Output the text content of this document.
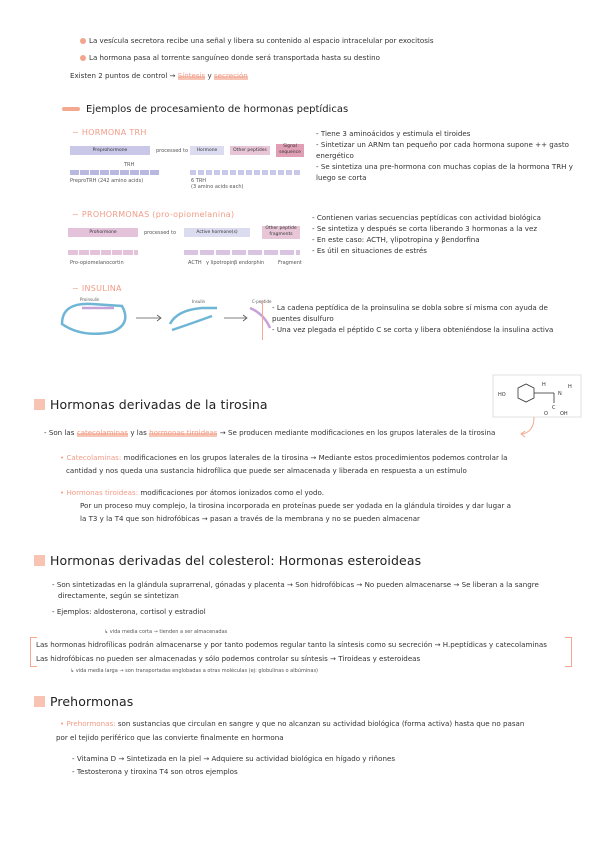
La vesícula secretora recibe una señal y libera su contenido al espacio intracelular por exocitosis
La hormona pasa al torrente sanguíneo donde será transportada hasta su destino
Existen 2 puntos de control → Síntesis y secreción
Ejemplos de procesamiento de hormonas peptídicas
∼ HORMONA TRH
Preprohormone	processed to	Hormone	Other peptides
Signal sequence
TRH
PreproTRH (242 amino acids)	6 TRH
(3 amino acids each)
- Tiene 3 aminoácidos y estimula el tiroides
- Sintetizar un ARNm tan pequeño por cada hormona supone ++ gasto energético
- Se sintetiza una pre-hormona con muchas copias de la hormona TRH y luego se corta
∼ PROHORMONAS (pro-opiomelanina)
Prohormone	processed to	Active hormone(s)
Other peptide fragments
Pro-opiomelanocortin	ACTH γ lipotropin β endorphin	Fragment
- Contienen varias secuencias peptídicas con actividad biológica
- Se sintetiza y después se corta liberando 3 hormonas a la vez
- En este caso: ACTH, γlipotropina y βendorfina
- Es útil en situaciones de estrés
∼ INSULINA
Proinsulin	Insulin	C-peptide
- La cadena peptídica de la proinsulina se dobla sobre sí misma con ayuda de puentes disulfuro
- Una vez plegada el péptido C se corta y libera obteniéndose la insulina activa
Hormonas derivadas de la tirosina
HO
H
N
H
C
O OH
- Son las catecolaminas y las hormonas tiroideas → Se producen mediante modificaciones en los grupos laterales de la tirosina
• Catecolaminas: modificaciones en los grupos laterales de la tirosina → Mediante estos procedimientos podemos controlar la
cantidad y nos queda una sustancia hidrofílica que puede ser almacenada y liberada en respuesta a un estímulo
• Hormonas tiroideas: modificaciones por átomos ionizados como el yodo.
Por un proceso muy complejo, la tirosina incorporada en proteínas puede ser yodada en la glándula tiroides y dar lugar a
la T3 y la T4 que son hidrofóbicas → pasan a través de la membrana y no se pueden almacenar
Hormonas derivadas del colesterol: Hormonas esteroideas
- Son sintetizadas en la glándula suprarrenal, gónadas y placenta → Son hidrofóbicas → No pueden almacenarse → Se liberan a la sangre
directamente, según se sintetizan
- Ejemplos: aldosterona, cortisol y estradiol
↳ vida media corta → tienden a ser almacenadas
Las hormonas hidrofílicas podrán almacenarse y por tanto podemos regular tanto la síntesis como su secreción → H.peptídicas y catecolaminas
Las hidrofóbicas no pueden ser almacenadas y sólo podemos controlar su síntesis → Tiroideas y esteroideas
↳ vida media larga → son transportadas englobadas a otras moléculas (ej: globulinas o albúminas)
Prehormonas
• Prehormonas: son sustancias que circulan en sangre y que no alcanzan su actividad biológica (forma activa) hasta que no pasan
por el tejido periférico que las convierte finalmente en hormona
- Vitamina D → Sintetizada en la piel → Adquiere su actividad biológica en hígado y riñones
- Testosterona y tiroxina T4 son otros ejemplos
